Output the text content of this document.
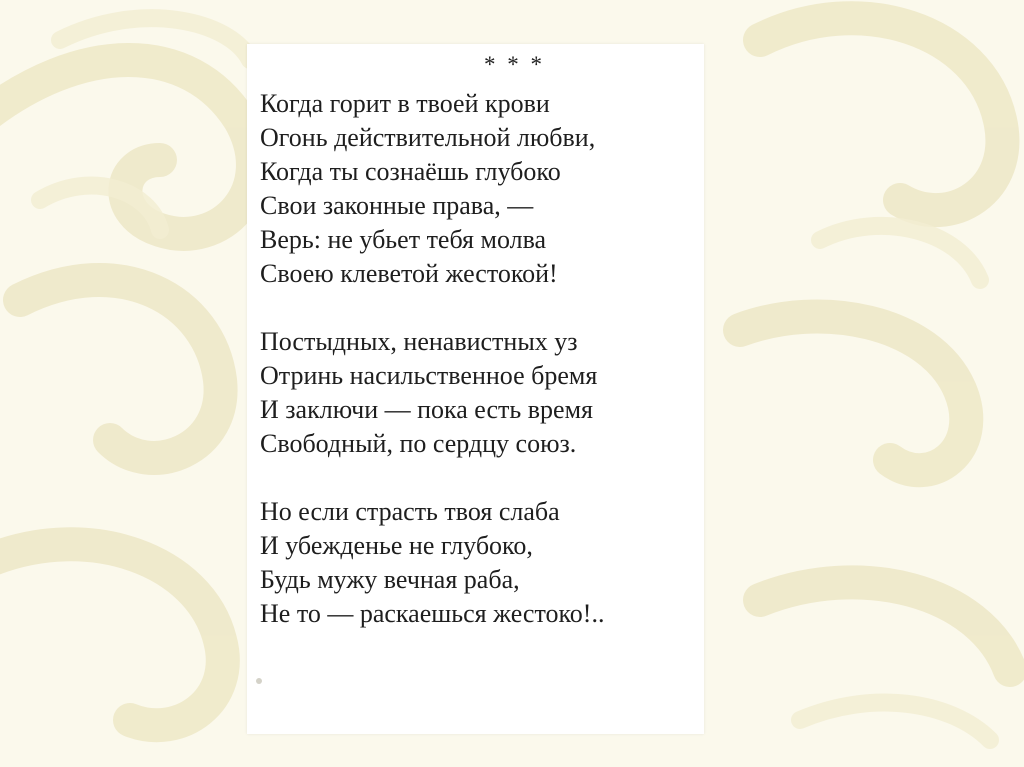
* * *
Когда горит в твоей крови
Огонь действительной любви,
Когда ты сознаёшь глубоко
Свои законные права, —
Верь: не убьет тебя молва
Своею клеветой жестокой!
Постыдных, ненавистных уз
Отринь насильственное бремя
И заключи — пока есть время
Свободный, по сердцу союз.
Но если страсть твоя слаба
И убежденье не глубоко,
Будь мужу вечная раба,
Не то — раскаешься жестоко!..
